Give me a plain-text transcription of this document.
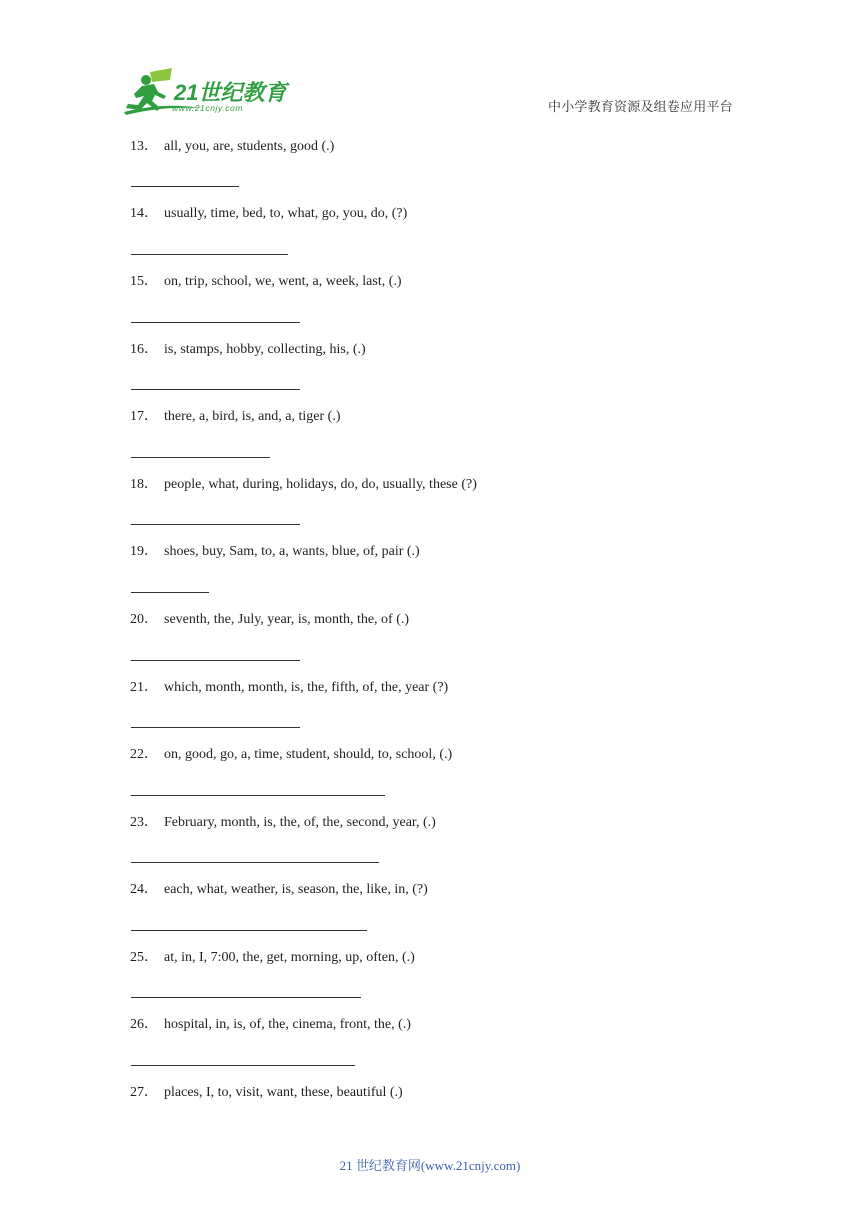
21世纪教育
www.21cnjy.com	中小学教育资源及组卷应用平台
13． all, you, are, students, good (.)
14． usually, time, bed, to, what, go, you, do, (?)
15． on, trip, school, we, went, a, week, last, (.)
16． is, stamps, hobby, collecting, his, (.)
17． there, a, bird, is, and, a, tiger (.)
18． people, what, during, holidays, do, do, usually, these (?)
19． shoes, buy, Sam, to, a, wants, blue, of, pair (.)
20． seventh, the, July, year, is, month, the, of (.)
21． which, month, month, is, the, fifth, of, the, year (?)
22． on, good, go, a, time, student, should, to, school, (.)
23． February, month, is, the, of, the, second, year, (.)
24． each, what, weather, is, season, the, like, in, (?)
25． at, in, I, 7:00, the, get, morning, up, often, (.)
26． hospital, in, is, of, the, cinema, front, the, (.)
27． places, I, to, visit, want, these, beautiful (.)
21 世纪教育网(www.21cnjy.com)
